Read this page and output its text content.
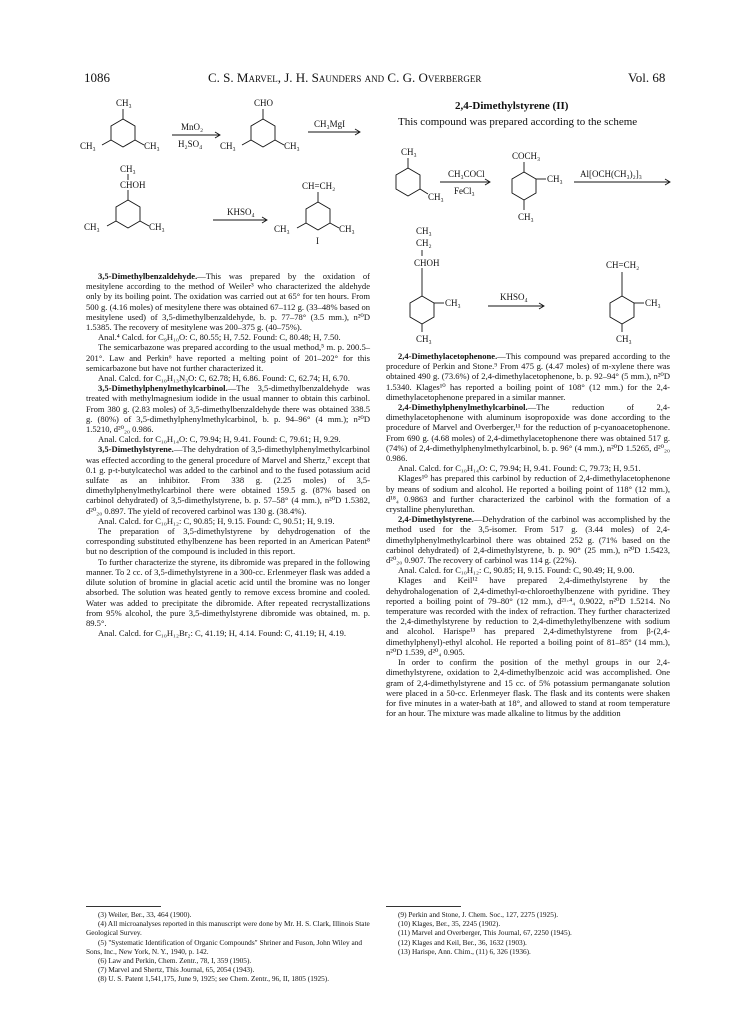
1086	C. S. Marvel, J. H. Saunders and C. G. Overberger	Vol. 68
CH₃
CH₃	CH₃
MnO₂
H₂SO₄
CHO
CH₃	CH₃
CH₃MgI
CH₃
CHOH
CH₃	CH₃
KHSO₄
CH=CH₂
CH₃	CH₃
I

3,5-Dimethylbenzaldehyde.—This was prepared by the oxidation of mesitylene according to the method of Weiler³ who characterized the aldehyde only by its boiling point. The oxidation was carried out at 65° for ten hours. From 500 g. (4.16 moles) of mesitylene there was obtained 67–112 g. (33–48% based on mesitylene used) of 3,5-dimethylbenzaldehyde, b. p. 77–78° (3.5 mm.), n²⁰D 1.5385. The recovery of mesitylene was 200–375 g. (40–75%).

Anal.⁴ Calcd. for C₉H₁₀O: C, 80.55; H, 7.52. Found: C, 80.48; H, 7.50.

The semicarbazone was prepared according to the usual method,⁵ m. p. 200.5–201°. Law and Perkin⁶ have reported a melting point of 201–202° for this semicarbazone but have not further characterized it.

Anal. Calcd. for C₁₀H₁₃N₃O: C, 62.78; H, 6.86. Found: C, 62.74; H, 6.70.

3,5-Dimethylphenylmethylcarbinol.—The 3,5-dimethylbenzaldehyde was treated with methylmagnesium iodide in the usual manner to obtain this carbinol. From 380 g. (2.83 moles) of 3,5-dimethylbenzaldehyde there was obtained 338.5 g. (80%) of 3,5-dimethylphenylmethylcarbinol, b. p. 94–96° (4 mm.); n²⁰D 1.5210, d²⁰₂₀ 0.986.

Anal. Calcd. for C₁₀H₁₄O: C, 79.94; H, 9.41. Found: C, 79.61; H, 9.29.

3,5-Dimethylstyrene.—The dehydration of 3,5-dimethylphenylmethylcarbinol was effected according to the general procedure of Marvel and Shertz,⁷ except that 0.1 g. p-t-butylcatechol was added to the carbinol and to the fused potassium acid sulfate as an inhibitor. From 338 g. (2.25 moles) of 3,5-dimethylphenylmethylcarbinol there were obtained 159.5 g. (87% based on carbinol dehydrated) of 3,5-dimethylstyrene, b. p. 57–58° (4 mm.), n²⁰D 1.5382, d²⁰₂₀ 0.897. The yield of recovered carbinol was 130 g. (38.4%).

Anal. Calcd. for C₁₀H₁₂: C, 90.85; H, 9.15. Found: C, 90.51; H, 9.19.

The preparation of 3,5-dimethylstyrene by dehydrogenation of the corresponding substituted ethylbenzene has been reported in an American Patent⁸ but no description of the compound is included in this report.

To further characterize the styrene, its dibromide was prepared in the following manner. To 2 cc. of 3,5-dimethylstyrene in a 300-cc. Erlenmeyer flask was added a dilute solution of bromine in glacial acetic acid until the bromine was no longer absorbed. The solution was heated gently to remove excess bromine and cooled. Water was added to precipitate the dibromide. After repeated recrystallizations from 95% alcohol, the pure 3,5-dimethylstyrene dibromide was obtained, m. p. 89.5°.

Anal. Calcd. for C₁₀H₁₂Br₂: C, 41.19; H, 4.14. Found: C, 41.19; H, 4.19.

(3) Weiler, Ber., 33, 464 (1900).

(4) All microanalyses reported in this manuscript were done by Mr. H. S. Clark, Illinois State Geological Survey.

(5) "Systematic Identification of Organic Compounds" Shriner and Fuson, John Wiley and Sons, Inc., New York, N. Y., 1940, p. 142.

(6) Law and Perkin, Chem. Zentr., 78, I, 359 (1905).

(7) Marvel and Shertz, This Journal, 65, 2054 (1943).

(8) U. S. Patent 1,541,175, June 9, 1925; see Chem. Zentr., 96, II, 1805 (1925).

2,4-Dimethylstyrene (II)
This compound was prepared according to the scheme
CH₃
CH₃
CH₃COCl
FeCl₃
COCH₃
CH₃
CH₃
Al[OCH(CH₃)₂]₃
CH₃
CH₂
CHOH
CH₃
CH₃
KHSO₄
CH=CH₂
CH₃
CH₃

2,4-Dimethylacetophenone.—This compound was prepared according to the procedure of Perkin and Stone.⁹ From 475 g. (4.47 moles) of m-xylene there was obtained 490 g. (73.6%) of 2,4-dimethylacetophenone, b. p. 92–94° (5 mm.), n²⁰D 1.5340. Klages¹⁰ has reported a boiling point of 108° (12 mm.) for the 2,4-dimethylacetophenone prepared in a similar manner.

2,4-Dimethylphenylmethylcarbinol.—The reduction of 2,4-dimethylacetophenone with aluminum isopropoxide was done according to the procedure of Marvel and Overberger,¹¹ for the reduction of p-cyanoacetophenone. From 690 g. (4.68 moles) of 2,4-dimethylacetophenone there was obtained 517 g. (74%) of 2,4-dimethylphenylmethylcarbinol, b. p. 96° (4 mm.), n²⁰D 1.5265, d²⁰₂₀ 0.986.

Anal. Calcd. for C₁₀H₁₄O: C, 79.94; H, 9.41. Found: C, 79.73; H, 9.51.

Klages¹⁰ has prepared this carbinol by reduction of 2,4-dimethylacetophenone by means of sodium and alcohol. He reported a boiling point of 118° (12 mm.), d¹⁸₄ 0.9863 and further characterized the carbinol with the formation of a crystalline phenylurethan.

2,4-Dimethylstyrene.—Dehydration of the carbinol was accomplished by the method used for the 3,5-isomer. From 517 g. (3.44 moles) of 2,4-dimethylphenylmethylcarbinol there was obtained 252 g. (71% based on the carbinol dehydrated) of 2,4-dimethylstyrene, b. p. 90° (25 mm.), n²⁰D 1.5423, d²⁰₂₀ 0.907. The recovery of carbinol was 114 g. (22%).

Anal. Calcd. for C₁₀H₁₂: C, 90.85; H, 9.15. Found: C, 90.49; H, 9.00.

Klages and Keil¹² have prepared 2,4-dimethylstyrene by the dehydrohalogenation of 2,4-dimethyl-α-chloroethylbenzene with pyridine. They reported a boiling point of 79–80° (12 mm.), d²¹·⁴₄ 0.9022, n²⁰D 1.5214. No temperature was recorded with the index of refraction. They further characterized the 2,4-dimethylstyrene by reduction to 2,4-dimethylethylbenzene with sodium and alcohol. Harispe¹³ has prepared 2,4-dimethylstyrene from β-(2,4-dimethylphenyl)-ethyl alcohol. He reported a boiling point of 81–85° (14 mm.), n²⁰D 1.539, d²⁰₄ 0.905.

In order to confirm the position of the methyl groups in our 2,4-dimethylstyrene, oxidation to 2,4-dimethylbenzoic acid was accomplished. One gram of 2,4-dimethylstyrene and 15 cc. of 5% potassium permanganate solution were placed in a 50-cc. Erlenmeyer flask. The flask and its contents were shaken for five minutes in a water-bath at 18°, and allowed to stand at room temperature for an hour. The mixture was made alkaline to litmus by the addition

(9) Perkin and Stone, J. Chem. Soc., 127, 2275 (1925).

(10) Klages, Ber., 35, 2245 (1902).

(11) Marvel and Overberger, This Journal, 67, 2250 (1945).

(12) Klages and Keil, Ber., 36, 1632 (1903).

(13) Harispe, Ann. Chim., (11) 6, 326 (1936).
